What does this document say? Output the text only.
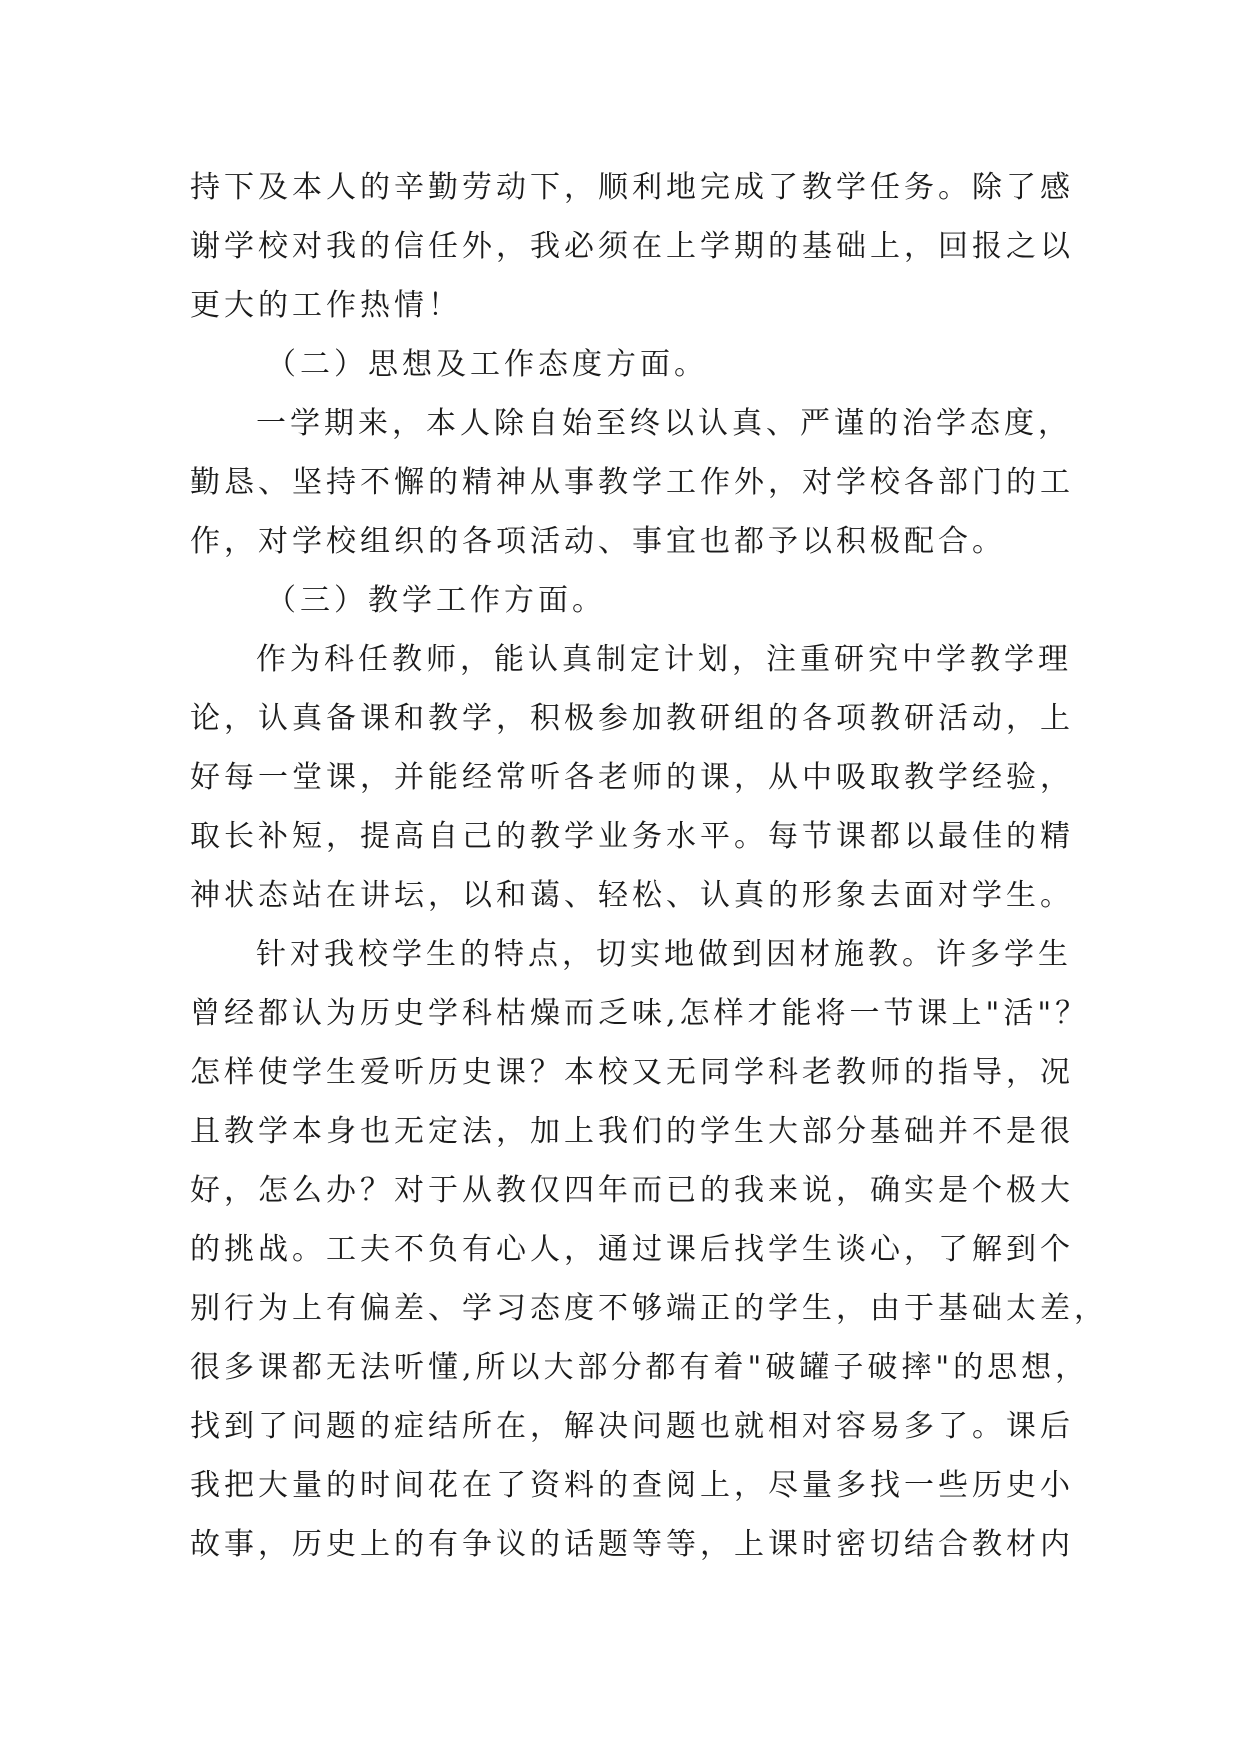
持下及本人的辛勤劳动下，顺利地完成了教学任务。除了感
谢学校对我的信任外，我必须在上学期的基础上，回报之以
更大的工作热情！
（二）思想及工作态度方面。
一学期来，本人除自始至终以认真、严谨的治学态度，
勤恳、坚持不懈的精神从事教学工作外，对学校各部门的工
作，对学校组织的各项活动、事宜也都予以积极配合。
（三）教学工作方面。
作为科任教师，能认真制定计划，注重研究中学教学理
论，认真备课和教学，积极参加教研组的各项教研活动，上
好每一堂课，并能经常听各老师的课，从中吸取教学经验，
取长补短，提高自己的教学业务水平。每节课都以最佳的精
神状态站在讲坛，以和蔼、轻松、认真的形象去面对学生。
针对我校学生的特点，切实地做到因材施教。许多学生
曾经都认为历史学科枯燥而乏味,怎样才能将一节课上"活"？
怎样使学生爱听历史课？本校又无同学科老教师的指导，况
且教学本身也无定法，加上我们的学生大部分基础并不是很
好，怎么办？对于从教仅四年而已的我来说，确实是个极大
的挑战。工夫不负有心人，通过课后找学生谈心，了解到个
别行为上有偏差、学习态度不够端正的学生，由于基础太差，
很多课都无法听懂,所以大部分都有着"破罐子破摔"的思想，
找到了问题的症结所在，解决问题也就相对容易多了。课后
我把大量的时间花在了资料的查阅上，尽量多找一些历史小
故事，历史上的有争议的话题等等，上课时密切结合教材内
